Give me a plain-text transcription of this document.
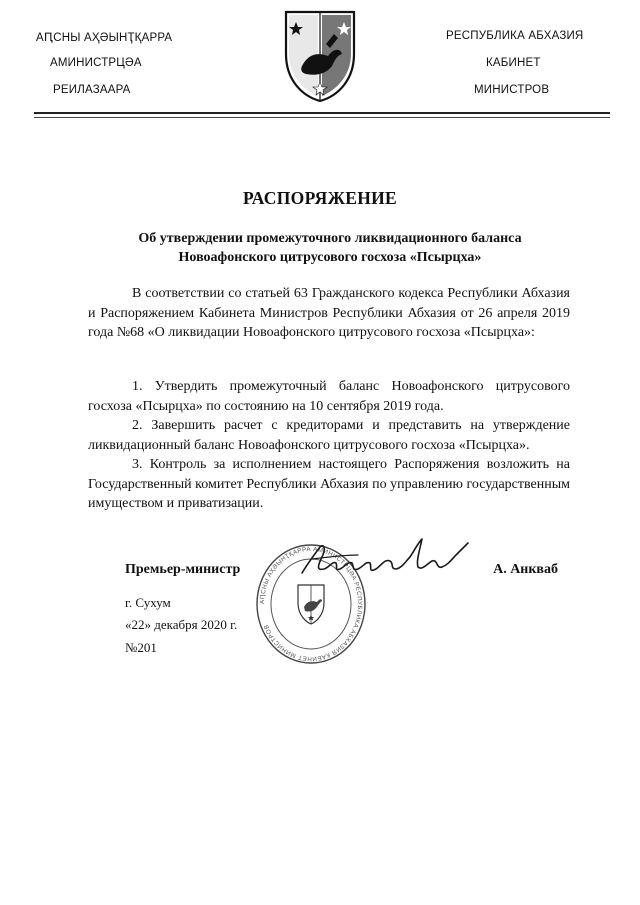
АԤСНЫ АҲӘЫНҬҚАРРА
АМИНИСТРЦӘА
РЕИЛАЗААРА
РЕСПУБЛИКА АБХАЗИЯ
КАБИНЕТ
МИНИСТРОВ
РАСПОРЯЖЕНИЕ
Об утверждении промежуточного ликвидационного баланса
Новоафонского цитрусового госхоза «Псырцха»

В соответствии со статьей 63 Гражданского кодекса Республики Абхазия и Распоряжением Кабинета Министров Республики Абхазия от 26 апреля 2019 года №68 «О ликвидации Новоафонского цитрусового госхоза «Псырцха»:

1. Утвердить промежуточный баланс Новоафонского цитрусового госхоза «Псырцха» по состоянию на 10 сентября 2019 года.

2. Завершить расчет с кредиторами и представить на утверждение ликвидационный баланс Новоафонского цитрусового госхоза «Псырцха».

3. Контроль за исполнением настоящего Распоряжения возложить на Государственный комитет Республики Абхазия по управлению государственным имуществом и приватизации.

АԤСНЫ АҲӘЫНҬҚАРРА АМИНИСТРЦӘА РЕСПУБЛИКА АБХАЗИЯ КАБИНЕТ МИНИСТРОВ
Премьер-министр	А. Анкваб
г. Сухум
«22» декабря 2020 г.
№201
